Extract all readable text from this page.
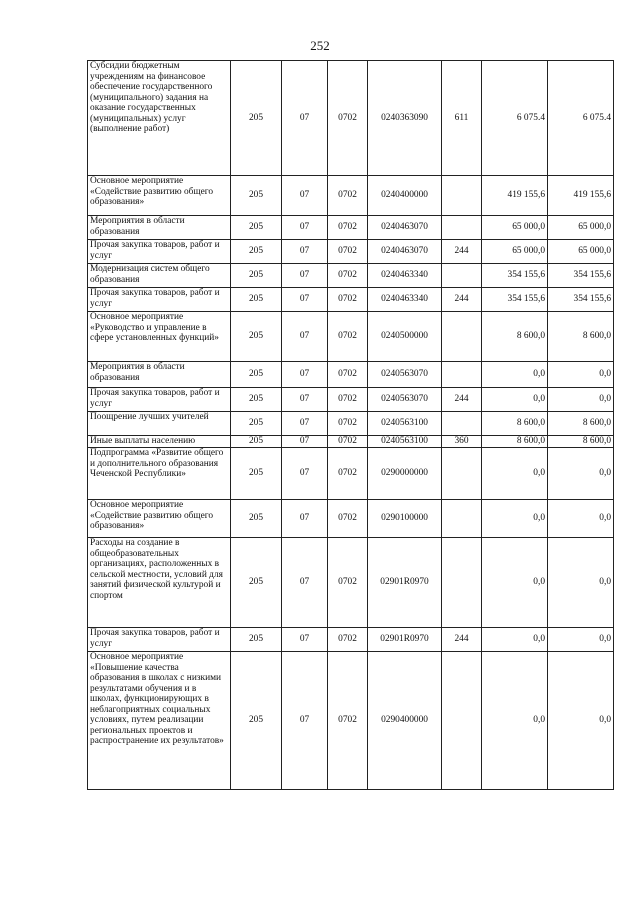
252
Субсидии бюджетным учреждениям на финансовое обеспечение государственного (муниципального) задания на оказание государственных (муниципальных) услуг (выполнение работ)	205	07	0702	0240363090	611	6 075.4	6 075.4
Основное мероприятие «Содействие развитию общего образования»	205	07	0702	0240400000		419 155,6	419 155,6
Мероприятия в области образования	205	07	0702	0240463070		65 000,0	65 000,0
Прочая закупка товаров, работ и услуг	205	07	0702	0240463070	244	65 000,0	65 000,0
Модернизация систем общего образования	205	07	0702	0240463340		354 155,6	354 155,6
Прочая закупка товаров, работ и услуг	205	07	0702	0240463340	244	354 155,6	354 155,6
Основное мероприятие «Руководство и управление в сфере установленных функций»	205	07	0702	0240500000		8 600,0	8 600,0
Мероприятия в области образования	205	07	0702	0240563070		0,0	0,0
Прочая закупка товаров, работ и услуг	205	07	0702	0240563070	244	0,0	0,0
Поощрение лучших учителей	205	07	0702	0240563100		8 600,0	8 600,0
Иные выплаты населению	205	07	0702	0240563100	360	8 600,0	8 600,0
Подпрограмма «Развитие общего и дополнительного образования Чеченской Республики»	205	07	0702	0290000000		0,0	0,0
Основное мероприятие «Содействие развитию общего образования»	205	07	0702	0290100000		0,0	0,0
Расходы на создание в общеобразовательных организациях, расположенных в сельской местности, условий для занятий физической культурой и спортом	205	07	0702	02901R0970		0,0	0,0
Прочая закупка товаров, работ и услуг	205	07	0702	02901R0970	244	0,0	0,0
Основное мероприятие «Повышение качества образования в школах с низкими результатами обучения и в школах, функционирующих в неблагоприятных социальных условиях, путем реализации региональных проектов и распространение их результатов»	205	07	0702	0290400000		0,0	0,0
